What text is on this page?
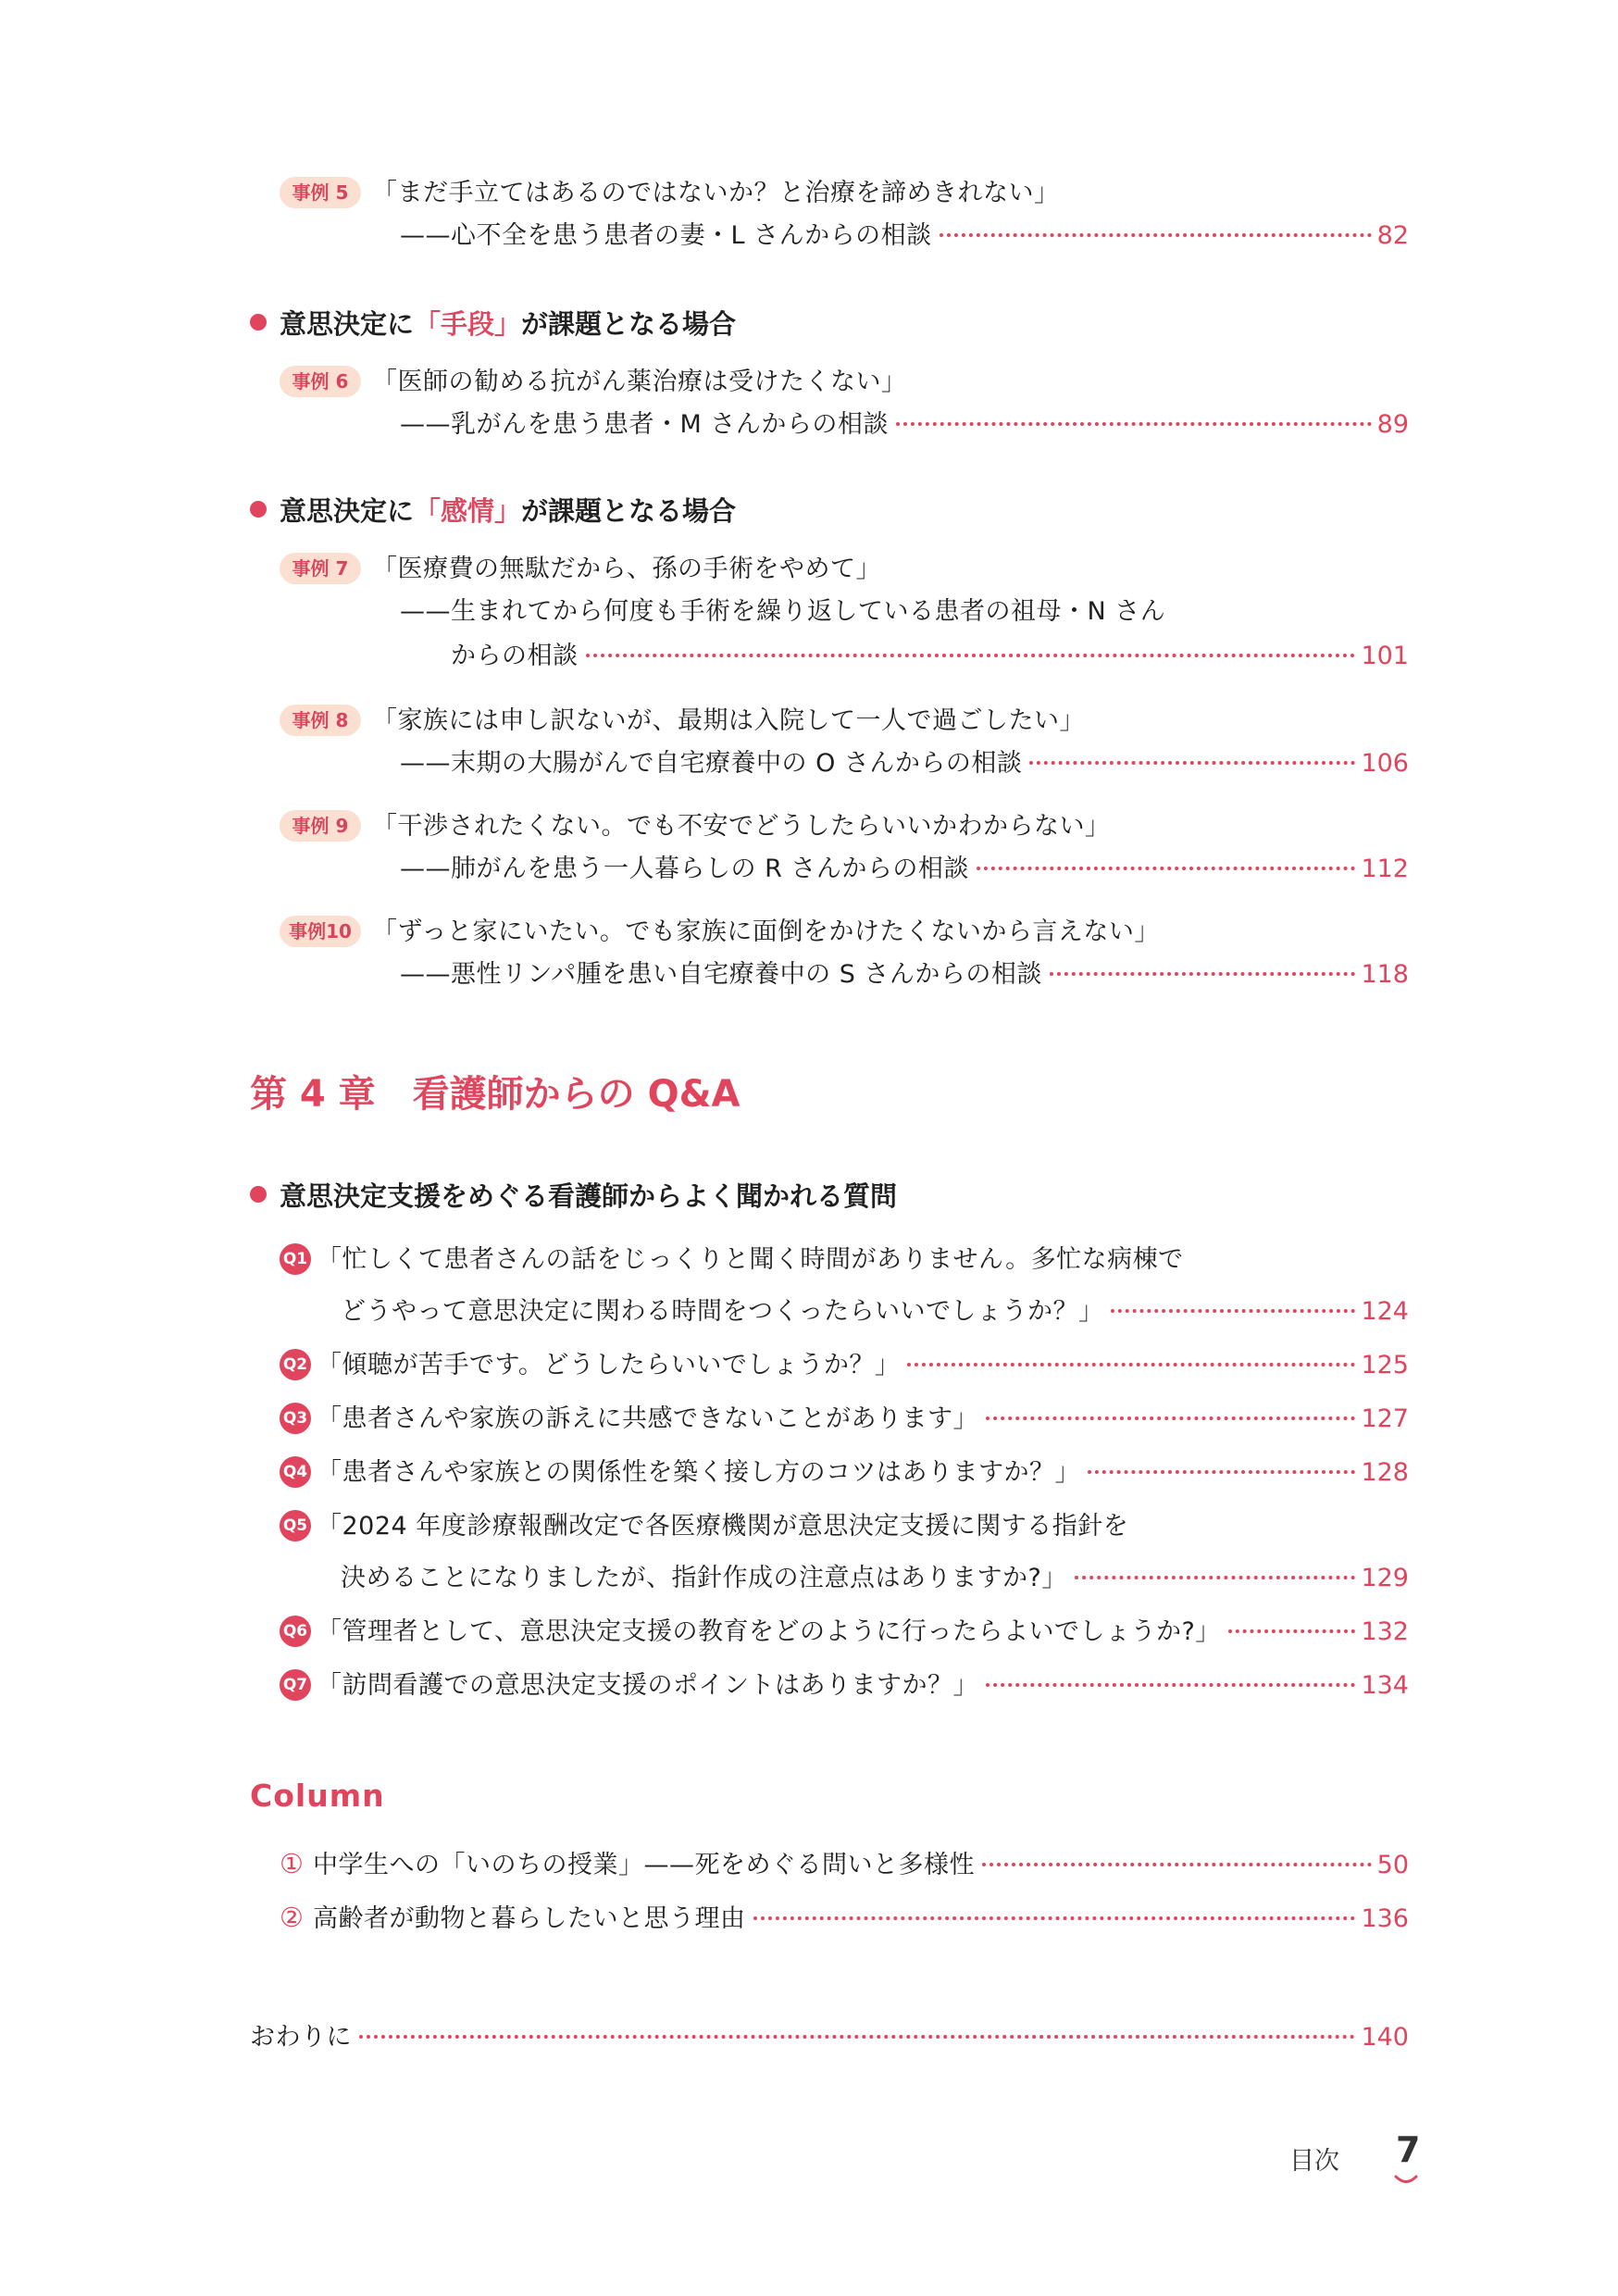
事例 5 「まだ手立てはあるのではないか？と治療を諦めきれない」
——心不全を患う患者の妻・L さんからの相談	82
意思決定に 「手段」 が課題となる場合
事例 6 「医師の勧める抗がん薬治療は受けたくない」
——乳がんを患う患者・M さんからの相談	89
意思決定に 「感情」 が課題となる場合
事例 7 「医療費の無駄だから、孫の手術をやめて」
——生まれてから何度も手術を繰り返している患者の祖母・N さん
からの相談	101
事例 8 「家族には申し訳ないが、最期は入院して一人で過ごしたい」
——末期の大腸がんで自宅療養中の O さんからの相談	106
事例 9 「干渉されたくない。でも不安でどうしたらいいかわからない」
——肺がんを患う一人暮らしの R さんからの相談	112
事例10 「ずっと家にいたい。でも家族に面倒をかけたくないから言えない」
——悪性リンパ腫を患い自宅療養中の S さんからの相談	118
第 4 章　看護師からの Q&A
意思決定支援をめぐる看護師からよく聞かれる質問
Q1 「忙しくて患者さんの話をじっくりと聞く時間がありません。多忙な病棟で
どうやって意思決定に関わる時間をつくったらいいでしょうか？」	124
Q2 「傾聴が苦手です。どうしたらいいでしょうか？」	125
Q3 「患者さんや家族の訴えに共感できないことがあります」	127
Q4 「患者さんや家族との関係性を築く接し方のコツはありますか？」	128
Q5 「2024 年度診療報酬改定で各医療機関が意思決定支援に関する指針を
決めることになりましたが、指針作成の注意点はありますか?」	129
Q6 「管理者として、意思決定支援の教育をどのように行ったらよいでしょうか?」	132
Q7 「訪問看護での意思決定支援のポイントはありますか？」	134
Column
① 中学生への「いのちの授業」——死をめぐる問いと多様性	50
② 高齢者が動物と暮らしたいと思う理由	136
おわりに	140
目次 7
